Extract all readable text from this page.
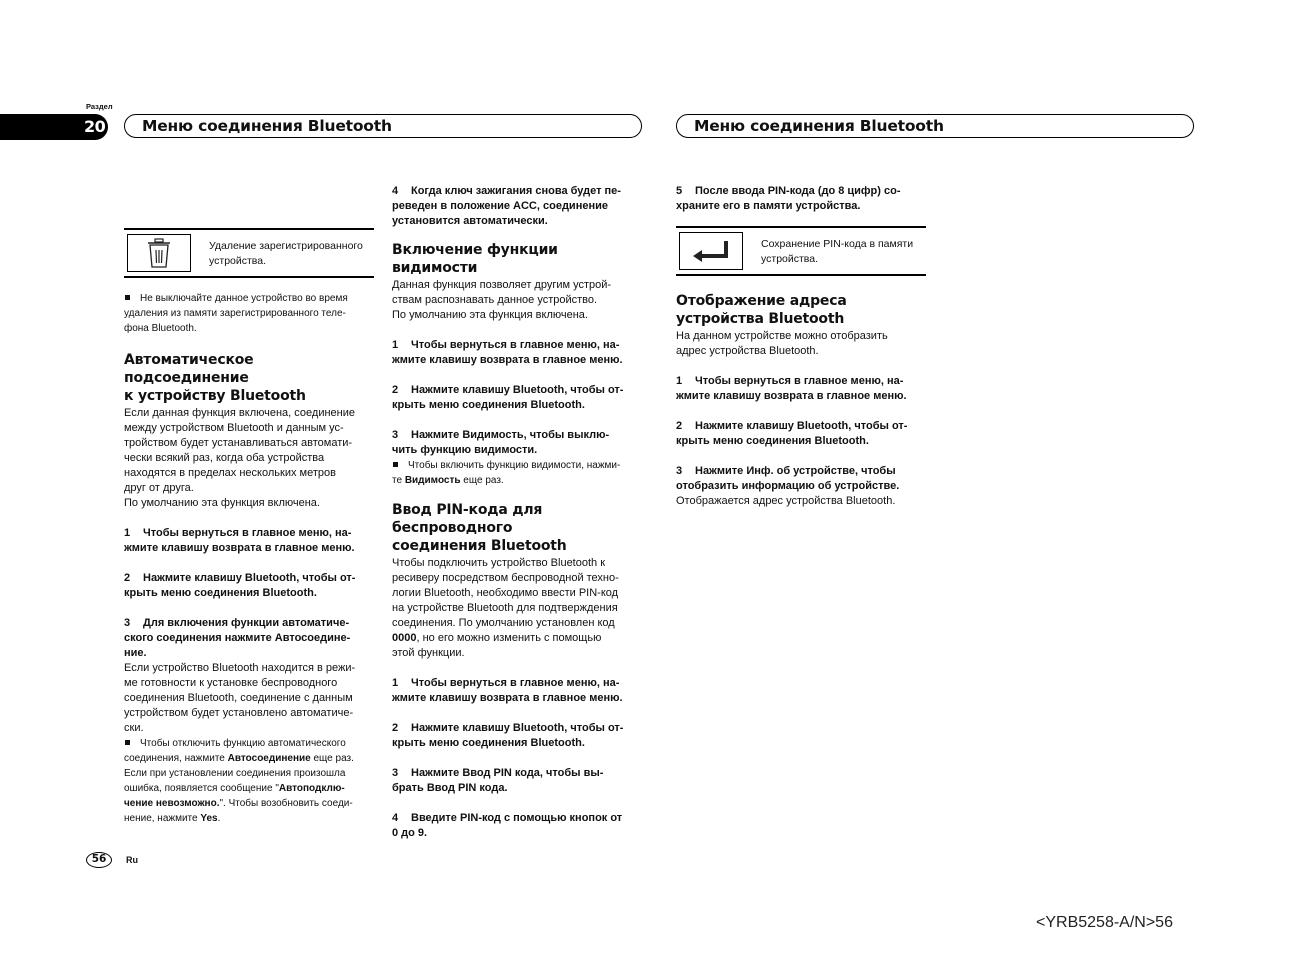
Раздел
20 Меню соединения Bluetooth	Меню соединения Bluetooth
Удаление зарегистрированного
устройства.
Не выключайте данное устройство во время
удаления из памяти зарегистрированного теле-
фона Bluetooth.
Автоматическое подсоединение
к устройству Bluetooth

Если данная функция включена, соединение

между устройством Bluetooth и данным ус-

тройством будет устанавливаться автомати-

чески всякий раз, когда оба устройства

находятся в пределах нескольких метров

друг от друга.

По умолчанию эта функция включена.

1 Чтобы вернуться в главное меню, на-
жмите клавишу возврата в главное меню.
2 Нажмите клавишу Bluetooth, чтобы от-
крыть меню соединения Bluetooth.
3 Для включения функции автоматиче-
ского соединения нажмите Автосоедине-
ние.

Если устройство Bluetooth находится в режи-

ме готовности к установке беспроводного

соединения Bluetooth, соединение с данным

устройством будет установлено автоматиче-

ски.

Чтобы отключить функцию автоматического
соединения, нажмите Автосоединение еще раз.
Если при установлении соединения произошла
ошибка, появляется сообщение "Автоподклю-
чение невозможно.". Чтобы возобновить соеди-
нение, нажмите Yes.
4 Когда ключ зажигания снова будет пе-
реведен в положение ACC, соединение
установится автоматически.
Включение функции видимости

Данная функция позволяет другим устрой-

ствам распознавать данное устройство.

По умолчанию эта функция включена.

1 Чтобы вернуться в главное меню, на-
жмите клавишу возврата в главное меню.
2 Нажмите клавишу Bluetooth, чтобы от-
крыть меню соединения Bluetooth.
3 Нажмите Видимость, чтобы выклю-
чить функцию видимости.
Чтобы включить функцию видимости, нажми-
те Видимость еще раз.
Ввод PIN-кода для беспроводного
соединения Bluetooth

Чтобы подключить устройство Bluetooth к

ресиверу посредством беспроводной техно-

логии Bluetooth, необходимо ввести PIN-код

на устройстве Bluetooth для подтверждения

соединения. По умолчанию установлен код

0000, но его можно изменить с помощью

этой функции.

1 Чтобы вернуться в главное меню, на-
жмите клавишу возврата в главное меню.
2 Нажмите клавишу Bluetooth, чтобы от-
крыть меню соединения Bluetooth.
3 Нажмите Ввод PIN кода, чтобы вы-
брать Ввод PIN кода.
4 Введите PIN-код с помощью кнопок от
0 до 9.
5 После ввода PIN-кода (до 8 цифр) со-
храните его в памяти устройства.
Сохранение PIN-кода в памяти
устройства.
Отображение адреса
устройства Bluetooth

На данном устройстве можно отобразить

адрес устройства Bluetooth.

1 Чтобы вернуться в главное меню, на-
жмите клавишу возврата в главное меню.
2 Нажмите клавишу Bluetooth, чтобы от-
крыть меню соединения Bluetooth.
3 Нажмите Инф. об устройстве, чтобы
отобразить информацию об устройстве.

Отображается адрес устройства Bluetooth.

56	Ru
<YRB5258-A/N>56
